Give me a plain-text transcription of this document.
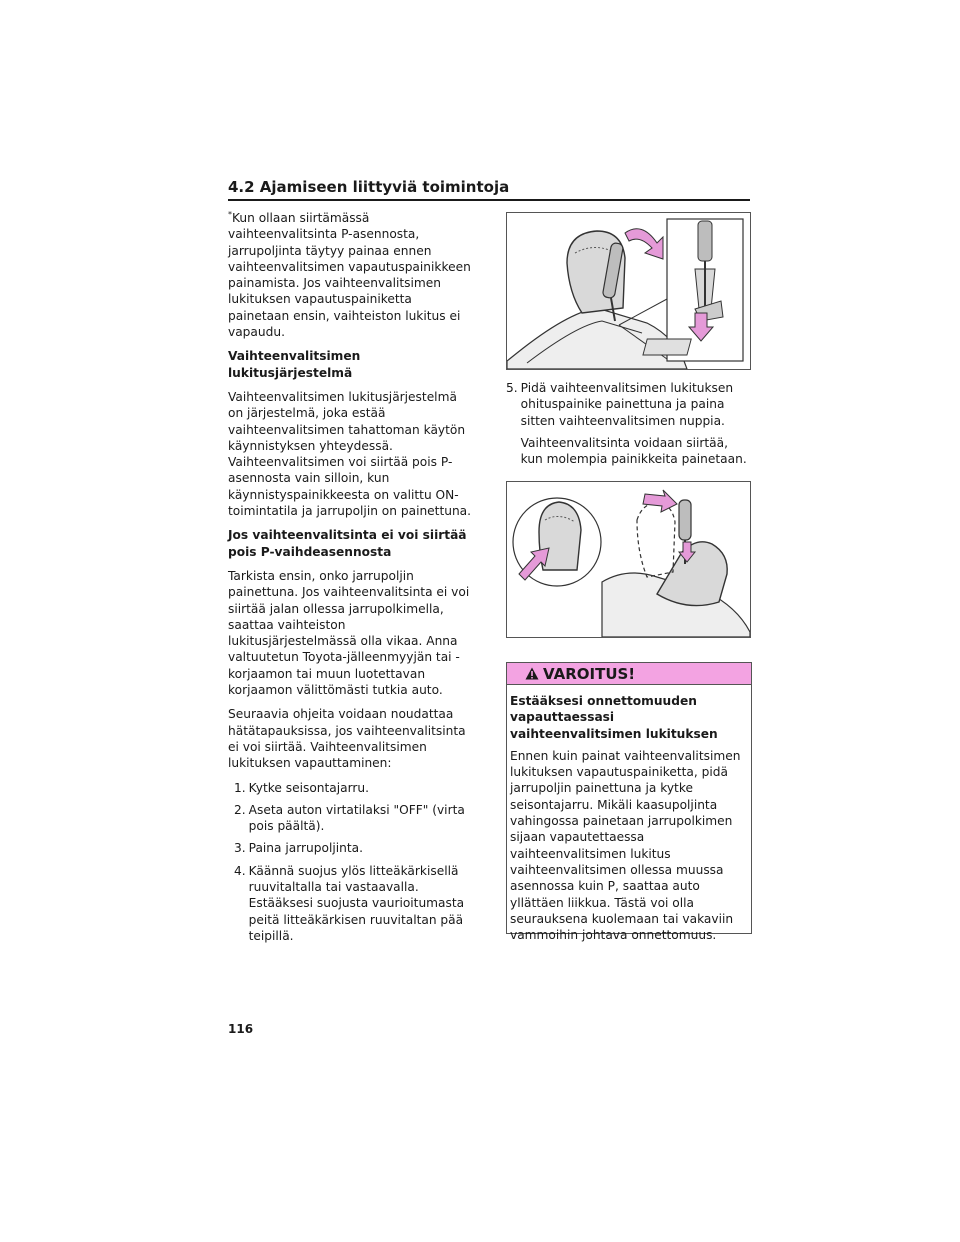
4.2 Ajamiseen liittyviä toimintoja

*Kun ollaan siirtämässä vaihteenvalitsinta P-asennosta, jarrupoljinta täytyy painaa ennen vaihteenvalitsimen vapautuspainikkeen painamista. Jos vaihteenvalitsimen lukituksen vapautuspainiketta painetaan ensin, vaihteiston lukitus ei vapaudu.

Vaihteenvalitsimen lukitusjärjestelmä

Vaihteenvalitsimen lukitusjärjestelmä on järjestelmä, joka estää vaihteenvalitsimen tahattoman käytön käynnistyksen yhteydessä. Vaihteenvalitsimen voi siirtää pois P-asennosta vain silloin, kun käynnistyspainikkeesta on valittu ON-toimintatila ja jarrupoljin on painettuna.

Jos vaihteenvalitsinta ei voi siirtää pois P-vaihdeasennosta

Tarkista ensin, onko jarrupoljin painettuna. Jos vaihteenvalitsinta ei voi siirtää jalan ollessa jarrupolkimella, saattaa vaihteiston lukitusjärjestelmässä olla vikaa. Anna valtuutetun Toyota-jälleenmyyjän tai -korjaamon tai muun luotettavan korjaamon välittömästi tutkia auto.

Seuraavia ohjeita voidaan noudattaa hätätapauksissa, jos vaihteenvalitsinta ei voi siirtää. Vaihteenvalitsimen lukituksen vapauttaminen:

1. Kytke seisontajarru.
2. Aseta auton virtatilaksi "OFF" (virta pois päältä).
3. Paina jarrupoljinta.
4. Käännä suojus ylös litteäkärkisellä ruuvitaltalla tai vastaavalla. Estääksesi suojusta vaurioitumasta peitä litteäkärkisen ruuvitaltan pää teipillä.
5. Pidä vaihteenvalitsimen lukituksen ohituspainike painettuna ja paina sitten vaihteenvalitsimen nuppia.

Vaihteenvalitsinta voidaan siirtää, kun molempia painikkeita painetaan.

VAROITUS!
Estääksesi onnettomuuden vapauttaessasi vaihteenvalitsimen lukituksen

Ennen kuin painat vaihteenvalitsimen lukituksen vapautuspainiketta, pidä jarrupoljin painettuna ja kytke seisontajarru. Mikäli kaasupoljinta vahingossa painetaan jarrupolkimen sijaan vapautettaessa vaihteenvalitsimen lukitus vaihteenvalitsimen ollessa muussa asennossa kuin P, saattaa auto yllättäen liikkua. Tästä voi olla seurauksena kuolemaan tai vakaviin vammoihin johtava onnettomuus.

116
